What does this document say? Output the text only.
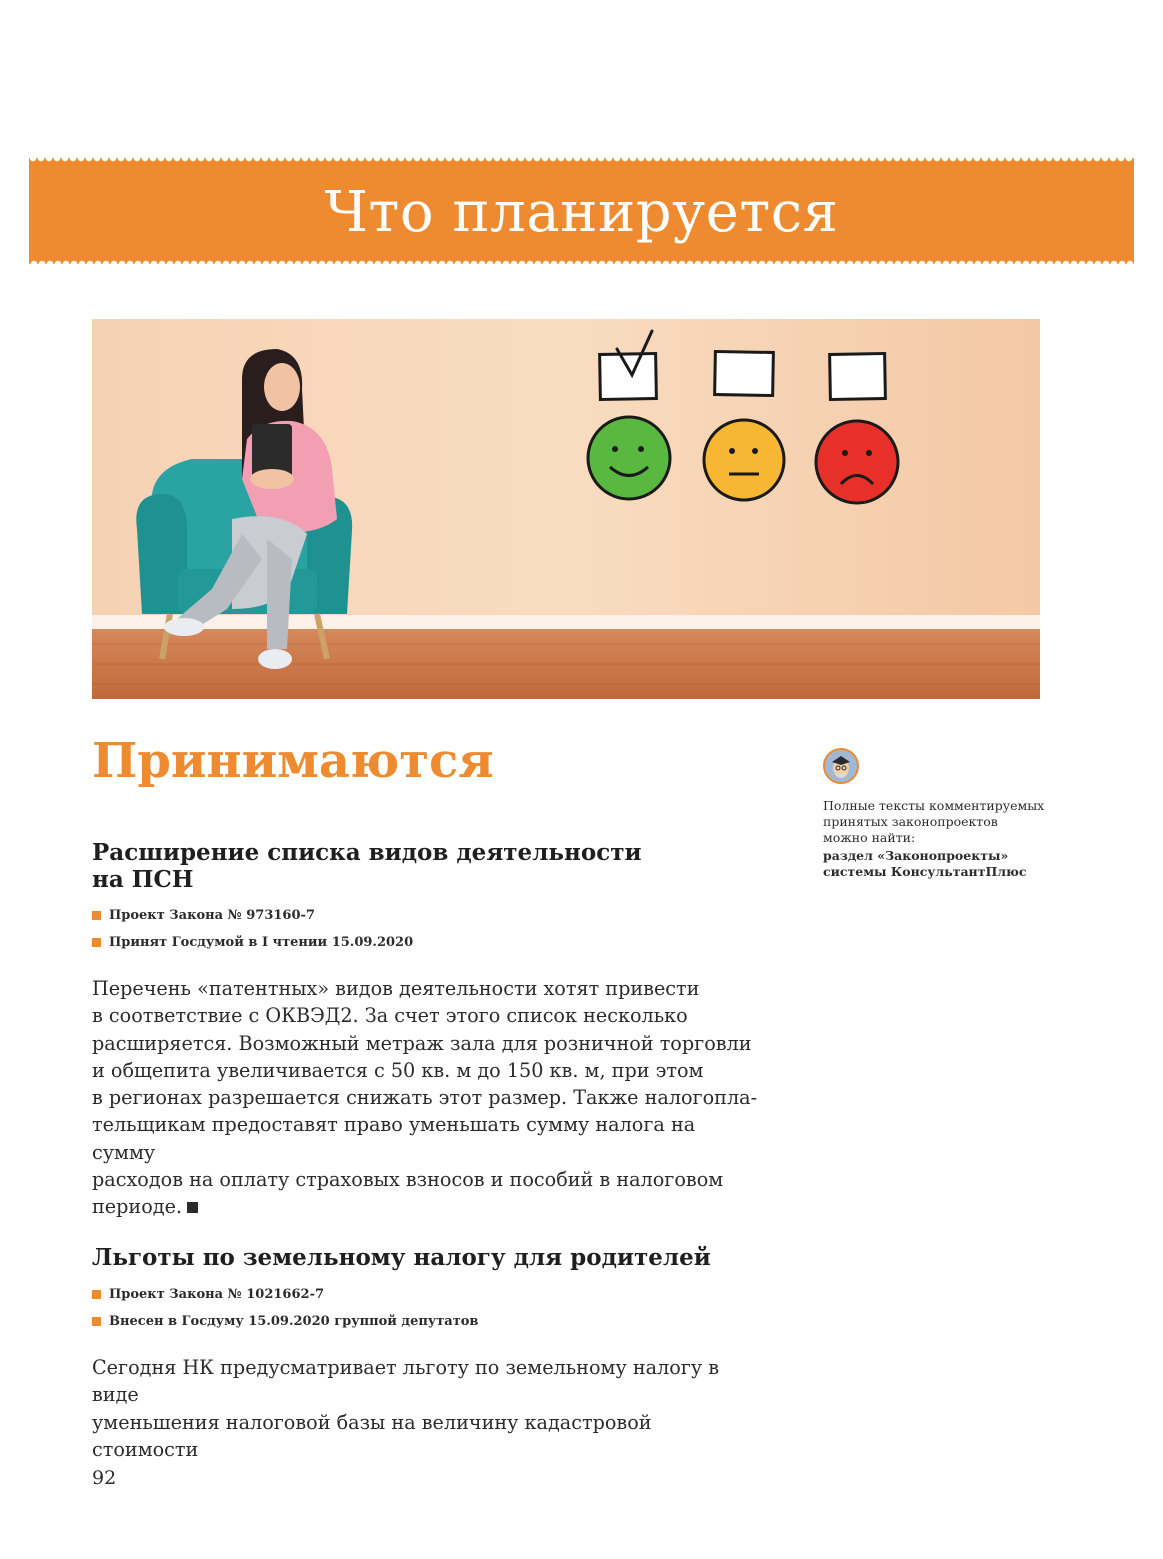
Что планируется
Принимаются
Расширение списка видов деятельности
на ПСН
Проект Закона № 973160-7
Принят Госдумой в I чтении 15.09.2020

Перечень «патентных» видов деятельности хотят привести
в соответствие с ОКВЭД2. За счет этого список несколько
расширяется. Возможный метраж зала для розничной торговли
и общепита увеличивается с 50 кв. м до 150 кв. м, при этом
в регионах разрешается снижать этот размер. Также налогопла-
тельщикам предоставят право уменьшать сумму налога на сумму
расходов на оплату страховых взносов и пособий в налоговом
периоде.

Льготы по земельному налогу для родителей
Проект Закона № 1021662-7
Внесен в Госдуму 15.09.2020 группой депутатов

Сегодня НК предусматривает льготу по земельному налогу в виде
уменьшения налоговой базы на величину кадастровой стоимости

Полные тексты комментируемых
принятых законопроектов
можно найти:
раздел «Законопроекты»
системы КонсультантПлюс
92
